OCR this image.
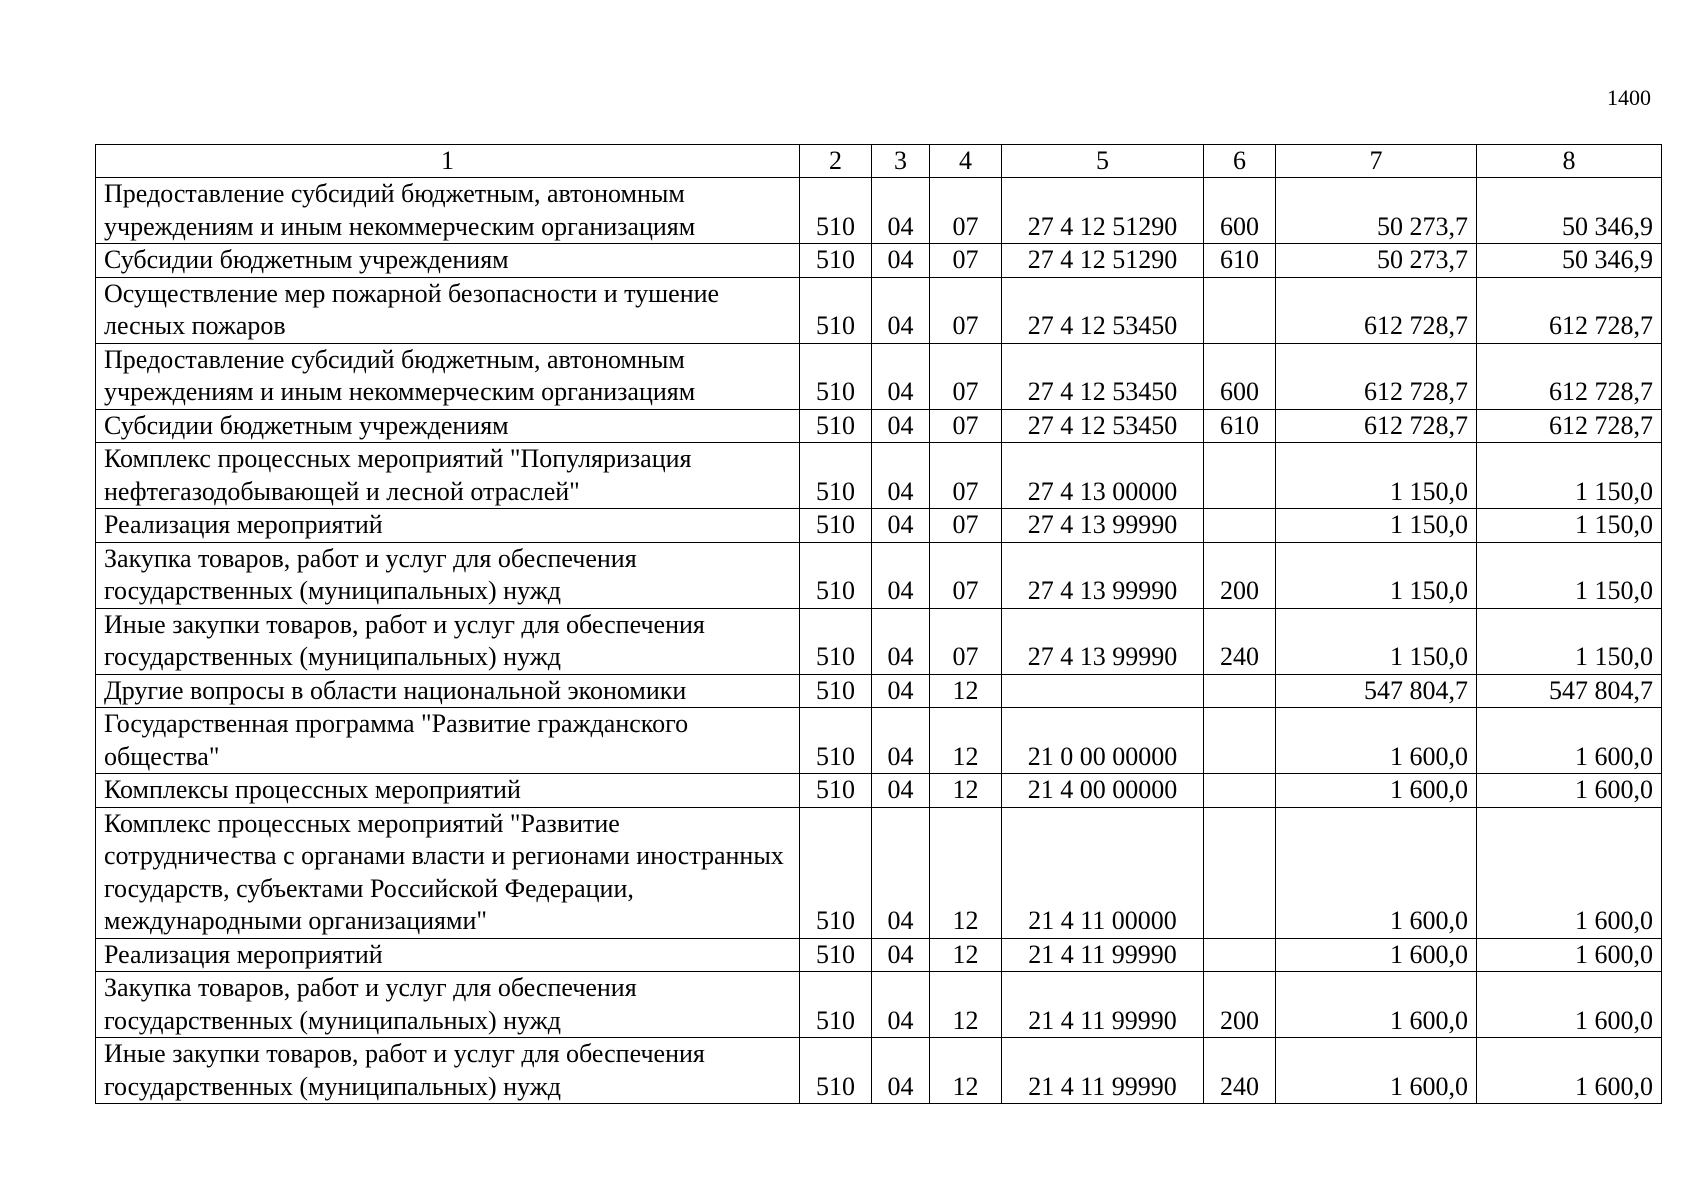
1400
1	2	3	4	5	6	7	8
Предоставление субсидий бюджетным, автономным учреждениям и иным некоммерческим организациям	510	04	07	27 4 12 51290	600	50 273,7	50 346,9
Субсидии бюджетным учреждениям	510	04	07	27 4 12 51290	610	50 273,7	50 346,9
Осуществление мер пожарной безопасности и тушение лесных пожаров	510	04	07	27 4 12 53450		612 728,7	612 728,7
Предоставление субсидий бюджетным, автономным учреждениям и иным некоммерческим организациям	510	04	07	27 4 12 53450	600	612 728,7	612 728,7
Субсидии бюджетным учреждениям	510	04	07	27 4 12 53450	610	612 728,7	612 728,7
Комплекс процессных мероприятий "Популяризация нефтегазодобывающей и лесной отраслей"	510	04	07	27 4 13 00000		1 150,0	1 150,0
Реализация мероприятий	510	04	07	27 4 13 99990		1 150,0	1 150,0
Закупка товаров, работ и услуг для обеспечения государственных (муниципальных) нужд	510	04	07	27 4 13 99990	200	1 150,0	1 150,0
Иные закупки товаров, работ и услуг для обеспечения государственных (муниципальных) нужд	510	04	07	27 4 13 99990	240	1 150,0	1 150,0
Другие вопросы в области национальной экономики	510	04	12			547 804,7	547 804,7
Государственная программа "Развитие гражданского общества"	510	04	12	21 0 00 00000		1 600,0	1 600,0
Комплексы процессных мероприятий	510	04	12	21 4 00 00000		1 600,0	1 600,0
Комплекс процессных мероприятий "Развитие сотрудничества с органами власти и регионами иностранных государств, субъектами Российской Федерации, международными организациями"	510	04	12	21 4 11 00000		1 600,0	1 600,0
Реализация мероприятий	510	04	12	21 4 11 99990		1 600,0	1 600,0
Закупка товаров, работ и услуг для обеспечения государственных (муниципальных) нужд	510	04	12	21 4 11 99990	200	1 600,0	1 600,0
Иные закупки товаров, работ и услуг для обеспечения государственных (муниципальных) нужд	510	04	12	21 4 11 99990	240	1 600,0	1 600,0
